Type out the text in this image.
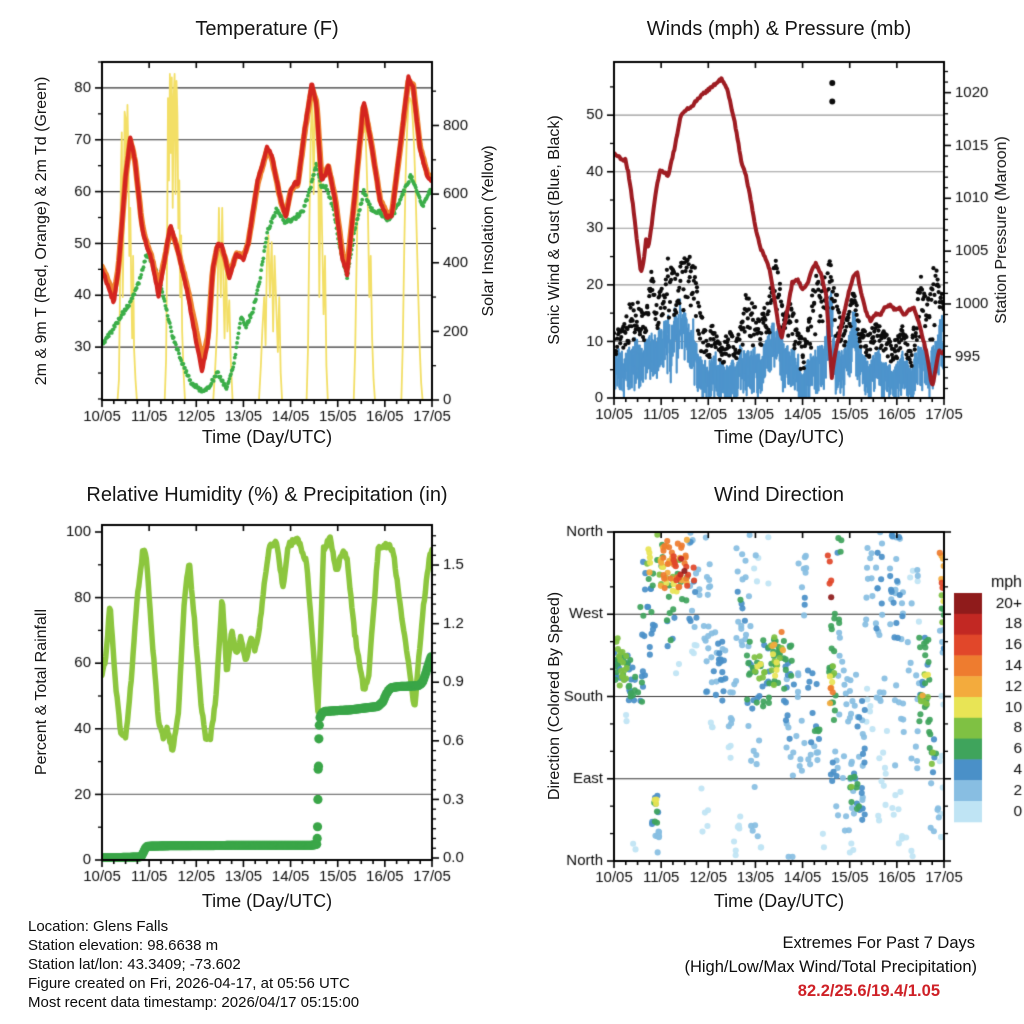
Temperature (F)	Winds (mph) & Pressure (mb)
Relative Humidity (%) & Precipitation (in)	Wind Direction
2m & 9m T (Red, Orange) & 2m Td (Green)	Solar Insolation (Yellow)	Sonic Wind & Gust (Blue, Black)	Station Pressure (Maroon)
Percent & Total Rainfall	Direction (Colored By Speed)
Time (Day/UTC)	Time (Day/UTC)
Time (Day/UTC)	Time (Day/UTC)
Location: Glens Falls
Station elevation: 98.6638 m
Station lat/lon: 43.3409; -73.602
Figure created on Fri, 2026-04-17, at 05:56 UTC
Most recent data timestamp: 2026/04/17 05:15:00
Extremes For Past 7 Days
(High/Low/Max Wind/Total Precipitation)
82.2/25.6/19.4/1.05
